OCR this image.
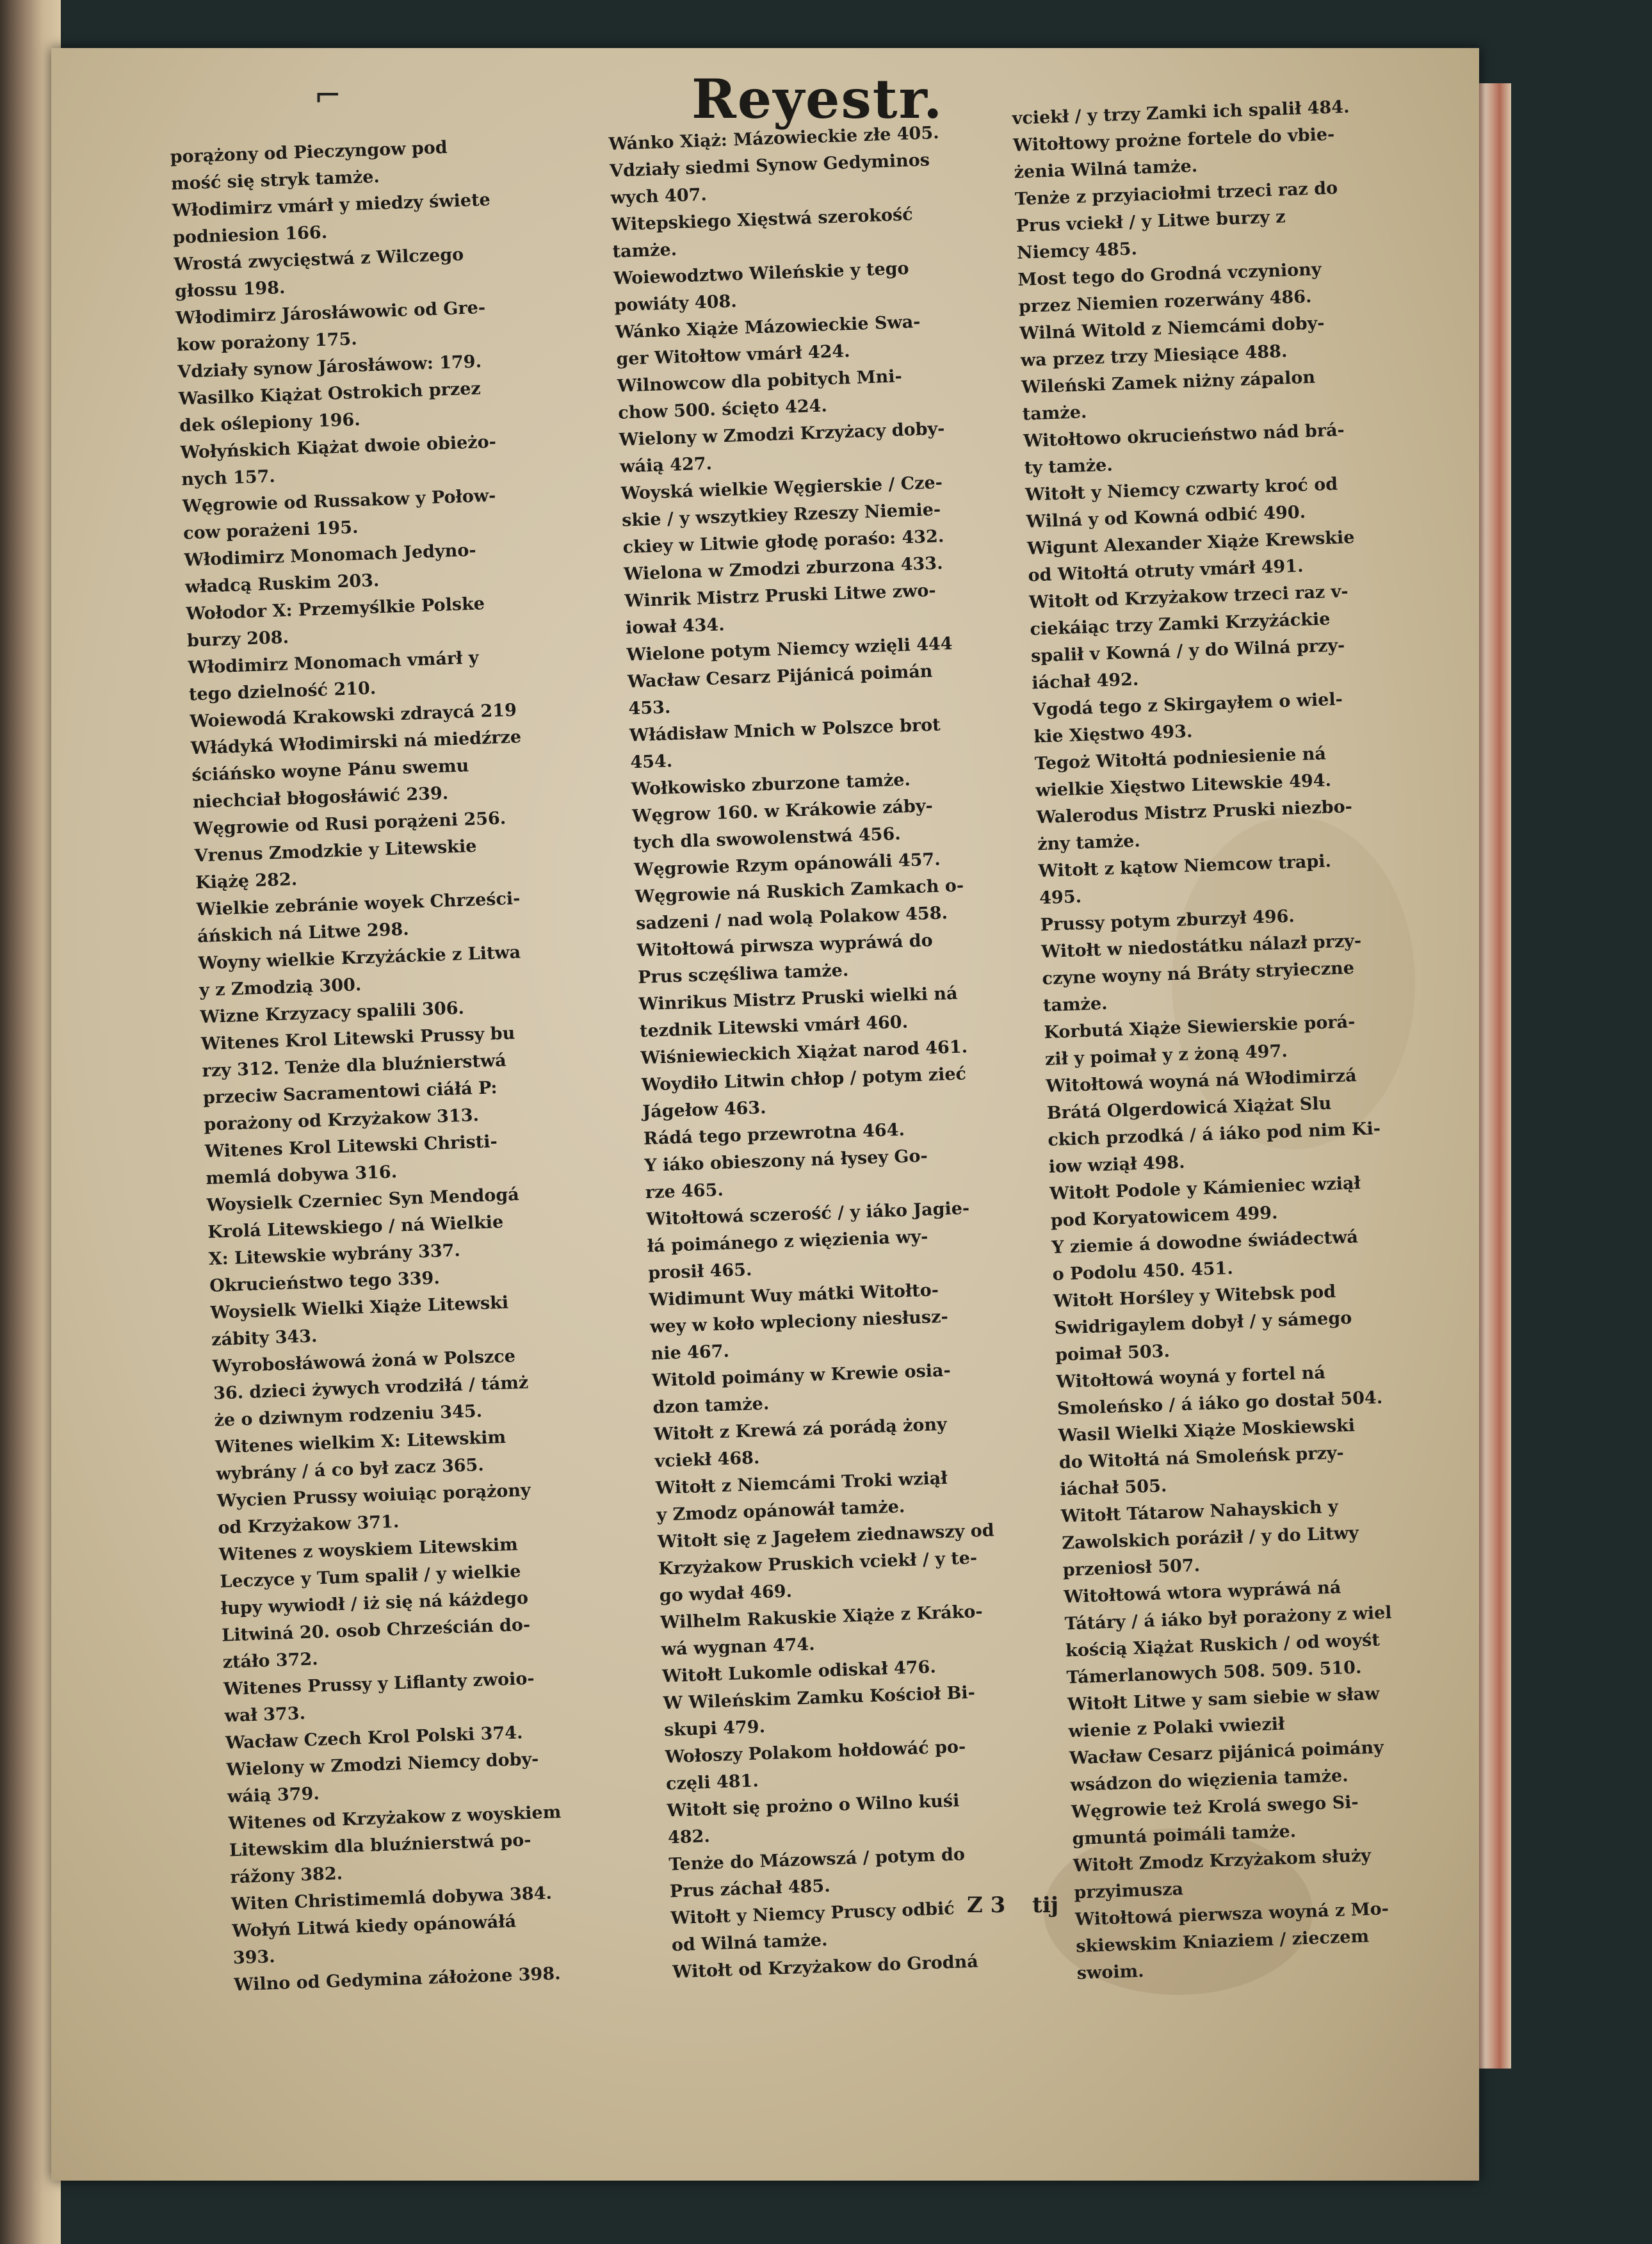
⌐	Reyestr.
porążony od Pieczyngow pod
mość się stryk tamże.
Włodimirz vmárł y miedzy świete
podniesion 166.
Wrostá zwycięstwá z Wilczego
głossu 198.
Włodimirz Járosłáwowic od Gre-
kow porażony 175.
Vdziały synow Járosłáwow: 179.
Wasilko Kiążat Ostrokich przez
dek oślepiony 196.
Wołyńskich Kiążat dwoie obieżo-
nych 157.
Węgrowie od Russakow y Połow-
cow porażeni 195.
Włodimirz Monomach Jedyno-
władcą Ruskim 203.
Wołodor X: Przemyślkie Polske
burzy 208.
Włodimirz Monomach vmárł y
tego dzielność 210.
Woiewodá Krakowski zdraycá 219
Włádyká Włodimirski ná miedźrze
ściáńsko woyne Pánu swemu
niechciał błogosłáwić 239.
Węgrowie od Rusi porążeni 256.
Vrenus Zmodzkie y Litewskie
Kiążę 282.
Wielkie zebránie woyek Chrześci-
áńskich ná Litwe 298.
Woyny wielkie Krzyżáckie z Litwa
y z Zmodzią 300.
Wizne Krzyzacy spalili 306.
Witenes Krol Litewski Prussy bu
rzy 312. Tenże dla bluźnierstwá
przeciw Sacramentowi ciáłá P:
porażony od Krzyżakow 313.
Witenes Krol Litewski Christi-
memlá dobywa 316.
Woysielk Czerniec Syn Mendogá
Krolá Litewskiego / ná Wielkie
X: Litewskie wybrány 337.
Okrucieństwo tego 339.
Woysielk Wielki Xiąże Litewski
zábity 343.
Wyrobosłáwowá żoná w Polszce
36. dzieci żywych vrodziłá / támż
że o dziwnym rodzeniu 345.
Witenes wielkim X: Litewskim
wybrány / á co był zacz 365.
Wycien Prussy woiuiąc porążony
od Krzyżakow 371.
Witenes z woyskiem Litewskim
Leczyce y Tum spalił / y wielkie
łupy wywiodł / iż się ná káżdego
Litwiná 20. osob Chrześcián do-
ztáło 372.
Witenes Prussy y Liflanty zwoio-
wał 373.
Wacław Czech Krol Polski 374.
Wielony w Zmodzi Niemcy doby-
wáią 379.
Witenes od Krzyżakow z woyskiem
Litewskim dla bluźnierstwá po-
rážony 382.
Witen Christimemlá dobywa 384.
Wołyń Litwá kiedy opánowáłá
393.
Wilno od Gedymina záłożone 398.
Wánko Xiąż: Mázowieckie złe 405.
Vdziały siedmi Synow Gedyminos
wych 407.
Witepskiego Xięstwá szerokość
tamże.
Woiewodztwo Wileńskie y tego
powiáty 408.
Wánko Xiąże Mázowieckie Swa-
ger Witołtow vmárł 424.
Wilnowcow dla pobitych Mni-
chow 500. ścięto 424.
Wielony w Zmodzi Krzyżacy doby-
wáią 427.
Woyská wielkie Węgierskie / Cze-
skie / y wszytkiey Rzeszy Niemie-
ckiey w Litwie głodę poraśo: 432.
Wielona w Zmodzi zburzona 433.
Winrik Mistrz Pruski Litwe zwo-
iował 434.
Wielone potym Niemcy wzięli 444
Wacław Cesarz Pijánicá poimán
453.
Włádisław Mnich w Polszce brot
454.
Wołkowisko zburzone tamże.
Węgrow 160. w Krákowie záby-
tych dla swowolenstwá 456.
Węgrowie Rzym opánowáli 457.
Węgrowie ná Ruskich Zamkach o-
sadzeni / nad wolą Polakow 458.
Witołtowá pirwsza wypráwá do
Prus sczęśliwa tamże.
Winrikus Mistrz Pruski wielki ná
tezdnik Litewski vmárł 460.
Wiśniewieckich Xiążat narod 461.
Woydiło Litwin chłop / potym zieć
Jágełow 463.
Rádá tego przewrotna 464.
Y iáko obieszony ná łysey Go-
rze 465.
Witołtowá sczerość / y iáko Jagie-
łá poimánego z więzienia wy-
prosił 465.
Widimunt Wuy mátki Witołto-
wey w koło wpleciony niesłusz-
nie 467.
Witold poimány w Krewie osia-
dzon tamże.
Witołt z Krewá zá porádą żony
vciekł 468.
Witołt z Niemcámi Troki wziął
y Zmodz opánowáł tamże.
Witołt się z Jagełem ziednawszy od
Krzyżakow Pruskich vciekł / y te-
go wydał 469.
Wilhelm Rakuskie Xiąże z Kráko-
wá wygnan 474.
Witołt Lukomle odiskał 476.
W Wileńskim Zamku Kościoł Bi-
skupi 479.
Wołoszy Polakom hołdowáć po-
częli 481.
Witołt się prożno o Wilno kuśi
482.
Tenże do Mázowszá / potym do
Prus záchał 485.
Witołt y Niemcy Pruscy odbić
od Wilná tamże.
Witołt od Krzyżakow do Grodná
vciekł / y trzy Zamki ich spalił 484.
Witołtowy prożne fortele do vbie-
żenia Wilná tamże.
Tenże z przyiaciołmi trzeci raz do
Prus vciekł / y Litwe burzy z
Niemcy 485.
Most tego do Grodná vczyniony
przez Niemien rozerwány 486.
Wilná Witold z Niemcámi doby-
wa przez trzy Miesiące 488.
Wileński Zamek niżny zápalon
tamże.
Witołtowo okrucieństwo nád brá-
ty tamże.
Witołt y Niemcy czwarty kroć od
Wilná y od Kowná odbić 490.
Wigunt Alexander Xiąże Krewskie
od Witołtá otruty vmárł 491.
Witołt od Krzyżakow trzeci raz v-
ciekáiąc trzy Zamki Krzyżáckie
spalił v Kowná / y do Wilná przy-
iáchał 492.
Vgodá tego z Skirgayłem o wiel-
kie Xięstwo 493.
Tegoż Witołtá podniesienie ná
wielkie Xięstwo Litewskie 494.
Walerodus Mistrz Pruski niezbo-
żny tamże.
Witołt z kątow Niemcow trapi.
495.
Prussy potym zburzył 496.
Witołt w niedostátku nálazł przy-
czyne woyny ná Bráty stryieczne
tamże.
Korbutá Xiąże Siewierskie porá-
ził y poimał y z żoną 497.
Witołtowá woyná ná Włodimirzá
Brátá Olgerdowicá Xiążat Slu
ckich przodká / á iáko pod nim Ki-
iow wziął 498.
Witołt Podole y Kámieniec wziął
pod Koryatowicem 499.
Y ziemie á dowodne świádectwá
o Podolu 450. 451.
Witołt Horśley y Witebsk pod
Swidrigaylem dobył / y sámego
poimał 503.
Witołtowá woyná y fortel ná
Smoleńsko / á iáko go dostał 504.
Wasil Wielki Xiąże Moskiewski
do Witołtá ná Smoleńsk przy-
iáchał 505.
Witołt Tátarow Nahayskich y
Zawolskich poráził / y do Litwy
przeniosł 507.
Witołtowá wtora wypráwá ná
Tátáry / á iáko był porażony z wiel
kością Xiążat Ruskich / od woyśt
Támerlanowych 508. 509. 510.
Witołt Litwe y sam siebie w sław
wienie z Polaki vwieził
Wacław Cesarz pijánicá poimány
wsádzon do więzienia tamże.
Węgrowie też Krolá swego Si-
gmuntá poimáli tamże.
Witołt Zmodz Krzyżakom służy
przyimusza
Witołtowá pierwsza woyná z Mo-
skiewskim Kniaziem / zieczem
swoim.
Z 3 tij
